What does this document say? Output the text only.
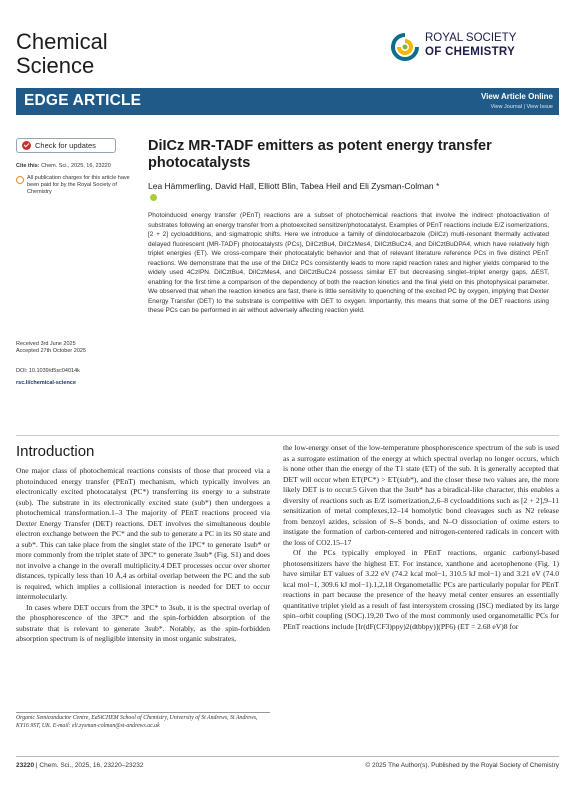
Chemical
Science
ROYAL SOCIETY
OF CHEMISTRY
EDGE ARTICLE	View Article Online
View Journal | View Issue
Check for updates
Cite this: Chem. Sci., 2025, 16, 23220
All publication charges for this article have been paid for by the Royal Society of Chemistry
Received 3rd June 2025
Accepted 27th October 2025
DOI: 10.1039/d5sc04014k
rsc.li/chemical-science
DiICz MR-TADF emitters as potent energy transfer photocatalysts
Lea Hämmerling, David Hall, Elliott Blin, Tabea Heil and Eli Zysman-Colman *
Photoinduced energy transfer (PEnT) reactions are a subset of photochemical reactions that involve the indirect photoactivation of substrates following an energy transfer from a photoexcited sensitizer/photocatalyst. Examples of PEnT reactions include E/Z isomerizations, [2 + 2] cycloadditions, and sigmatropic shifts. Here we introduce a family of diindolocarbazole (DiICz) multi-resonant thermally activated delayed fluorescent (MR-TADF) photocatalysts (PCs), DiICztBu4, DiICzMes4, DiICztBuCz4, and DiICztBuDPA4, which have relatively high triplet energies (ET). We cross-compare their photocatalytic behavior and that of relevant literature reference PCs in five distinct PEnT reactions. We demonstrate that the use of the DiICz PCs consistently leads to more rapid reaction rates and higher yields compared to the widely used 4CzIPN. DiICztBu4, DiICzMes4, and DiICztBuCz4 possess similar ET but decreasing singlet–triplet energy gaps, ΔEST, enabling for the first time a comparison of the dependency of both the reaction kinetics and the final yield on this photophysical parameter. We observed that when the reaction kinetics are fast, there is little sensitivity to quenching of the excited PC by oxygen, implying that Dexter Energy Transfer (DET) to the substrate is competitive with DET to oxygen. Importantly, this means that some of the DET reactions using these PCs can be performed in air without adversely affecting reaction yield.
Introduction

One major class of photochemical reactions consists of those that proceed via a photoinduced energy transfer (PEnT) mechanism, which typically involves an electronically excited photocatalyst (PC*) transferring its energy to a substrate (sub). The substrate in its electronically excited state (sub*) then undergoes a photochemical transformation.1–3 The majority of PEnT reactions proceed via Dexter Energy Transfer (DET) reactions. DET involves the simultaneous double electron exchange between the PC* and the sub to generate a PC in its S0 state and a sub*. This can take place from the singlet state of the 1PC* to generate 1sub* or more commonly from the triplet state of 3PC* to generate 3sub* (Fig. S1) and does not involve a change in the overall multiplicity.4 DET processes occur over shorter distances, typically less than 10 Å,4 as orbital overlap between the PC and the sub is required, which implies a collisional interaction is needed for DET to occur intermolecularly.

In cases where DET occurs from the 3PC* to 3sub, it is the spectral overlap of the phosphorescence of the 3PC* and the spin-forbidden absorption of the substrate that is relevant to generate 3sub*. Notably, as the spin-forbidden absorption spectrum is of negligible intensity in most organic substrates,

the low-energy onset of the low-temperature phosphorescence spectrum of the sub is used as a surrogate estimation of the energy at which spectral overlap no longer occurs, which is none other than the energy of the T1 state (ET) of the sub. It is generally accepted that DET will occur when ET(PC*) > ET(sub*), and the closer these two values are, the more likely DET is to occur.5 Given that the 3sub* has a biradical-like character, this enables a diversity of reactions such as E/Z isomerization,2,6–8 cycloadditions such as [2 + 2],9–11 sensitization of metal complexes,12–14 homolytic bond cleavages such as N2 release from benzoyl azides, scission of S–S bonds, and N–O dissociation of oxime esters to instigate the formation of carbon-centered and nitrogen-centered radicals in concert with the loss of CO2.15–17

Of the PCs typically employed in PEnT reactions, organic carbonyl-based photosensitizers have the highest ET. For instance, xanthone and acetophenone (Fig. 1) have similar ET values of 3.22 eV (74.2 kcal mol−1, 310.5 kJ mol−1) and 3.21 eV (74.0 kcal mol−1, 309.6 kJ mol−1).1,2,18 Organometallic PCs are particularly popular for PEnT reactions in part because the presence of the heavy metal center ensures an essentially quantitative triplet yield as a result of fast intersystem crossing (ISC) mediated by its large spin–orbit coupling (SOC).19,20 Two of the most commonly used organometallic PCs for PEnT reactions include [Ir(dF(CF3)ppy)2(dtbbpy)](PF6) (ET = 2.68 eV)8 for

Organic Semiconductor Centre, EaStCHEM School of Chemistry, University of St Andrews, St Andrews, KY16 9ST, UK. E-mail: eli.zysman-colman@st-andrews.ac.uk
23220 | Chem. Sci., 2025, 16, 23220–23232	© 2025 The Author(s). Published by the Royal Society of Chemistry
